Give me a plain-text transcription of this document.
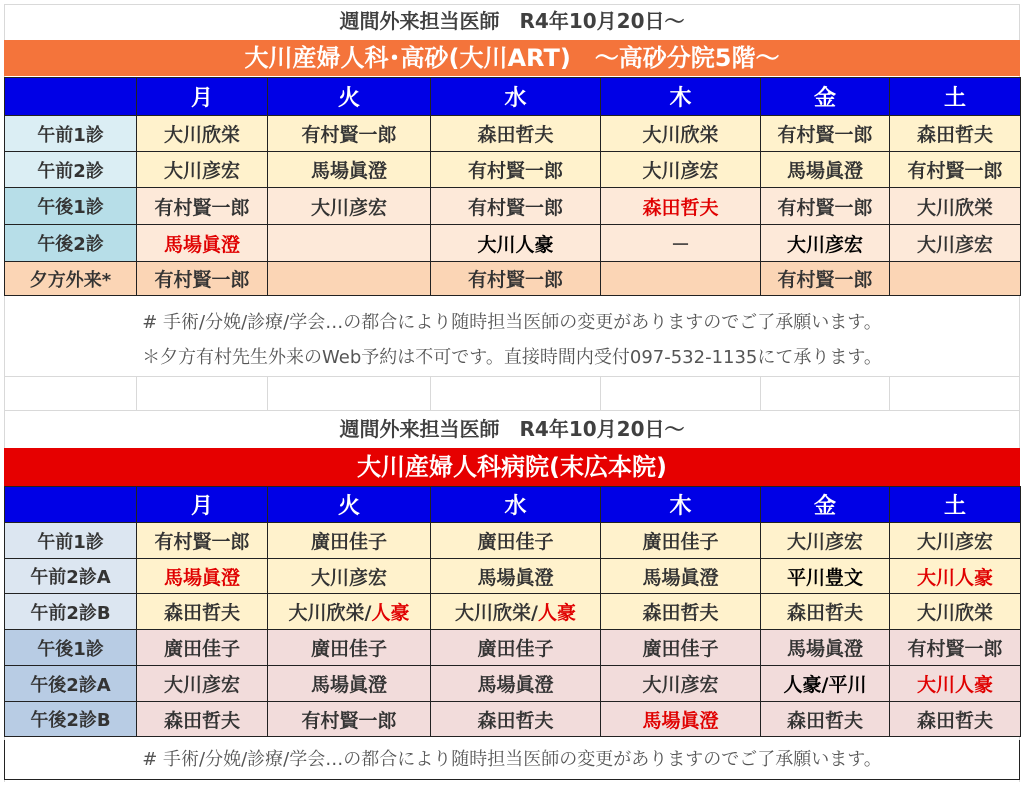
週間外来担当医師　R4年10月20日～
大川産婦人科･高砂(大川ART)　～高砂分院5階～
	月	火	水	木	金	土
午前1診	大川欣栄	有村賢一郎	森田哲夫	大川欣栄	有村賢一郎	森田哲夫
午前2診	大川彦宏	馬場眞澄	有村賢一郎	大川彦宏	馬場眞澄	有村賢一郎
午後1診	有村賢一郎	大川彦宏	有村賢一郎	森田哲夫	有村賢一郎	大川欣栄
午後2診	馬場眞澄		大川人豪	－	大川彦宏	大川彦宏
夕方外来*	有村賢一郎		有村賢一郎		有村賢一郎	
# 手術/分娩/診療/学会…の都合により随時担当医師の変更がありますのでご了承願います。
＊夕方有村先生外来のWeb予約は不可です。直接時間内受付097-532-1135にて承ります。
週間外来担当医師　R4年10月20日～
大川産婦人科病院(末広本院)
	月	火	水	木	金	土
午前1診	有村賢一郎	廣田佳子	廣田佳子	廣田佳子	大川彦宏	大川彦宏
午前2診A	馬場眞澄	大川彦宏	馬場眞澄	馬場眞澄	平川豊文	大川人豪
午前2診B	森田哲夫	大川欣栄/人豪	大川欣栄/人豪	森田哲夫	森田哲夫	大川欣栄
午後1診	廣田佳子	廣田佳子	廣田佳子	廣田佳子	馬場眞澄	有村賢一郎
午後2診A	大川彦宏	馬場眞澄	馬場眞澄	大川彦宏	人豪/平川	大川人豪
午後2診B	森田哲夫	有村賢一郎	森田哲夫	馬場眞澄	森田哲夫	森田哲夫
# 手術/分娩/診療/学会…の都合により随時担当医師の変更がありますのでご了承願います。
